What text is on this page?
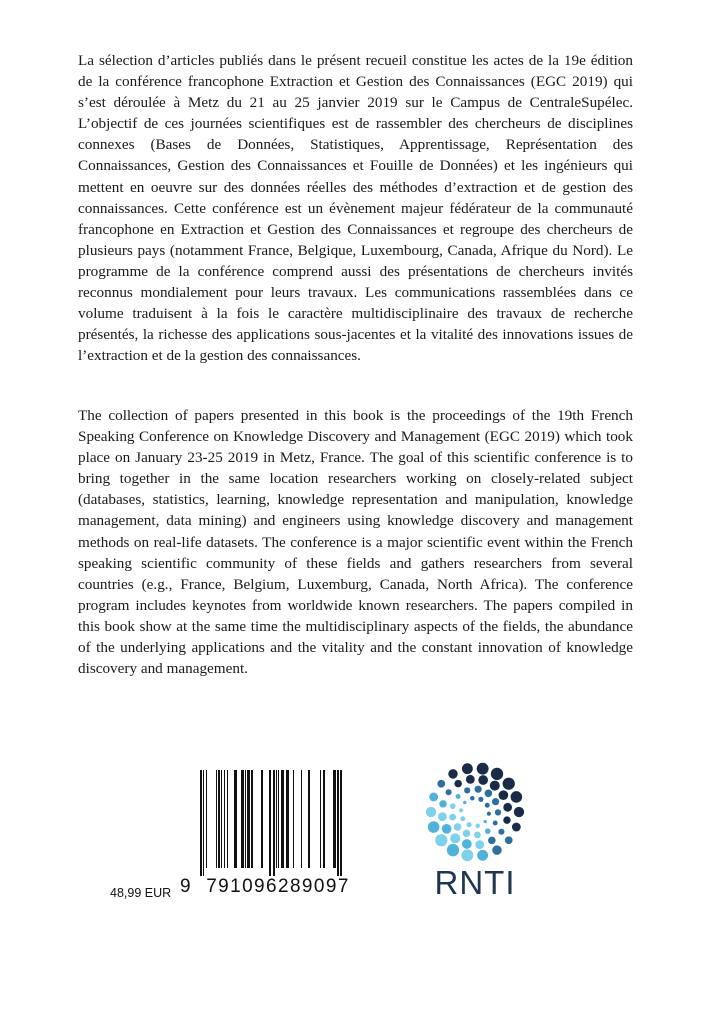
La sélection d’articles publiés dans le présent recueil constitue les actes de la 19e édition de la conférence francophone Extraction et Gestion des Connaissances (EGC 2019) qui s’est déroulée à Metz du 21 au 25 janvier 2019 sur le Campus de CentraleSupélec. L’objectif de ces journées scientifiques est de rassembler des chercheurs de disciplines connexes (Bases de Données, Statistiques, Apprentissage, Représentation des Connaissances, Gestion des Connaissances et Fouille de Données) et les ingénieurs qui mettent en oeuvre sur des données réelles des méthodes d’extraction et de gestion des connaissances. Cette conférence est un évènement majeur fédérateur de la communauté francophone en Extraction et Gestion des Connaissances et regroupe des chercheurs de plusieurs pays (notamment France, Belgique, Luxembourg, Canada, Afrique du Nord). Le programme de la conférence comprend aussi des présentations de chercheurs invités reconnus mondialement pour leurs travaux. Les communications rassemblées dans ce volume traduisent à la fois le caractère multidisciplinaire des travaux de recherche présentés, la richesse des applications sous-jacentes et la vitalité des innovations issues de l’extraction et de la gestion des connaissances.

The collection of papers presented in this book is the proceedings of the 19th French Speaking Conference on Knowledge Discovery and Management (EGC 2019) which took place on January 23-25 2019 in Metz, France. The goal of this scientific conference is to bring together in the same location researchers working on closely-related subject (databases, statistics, learning, knowledge representation and manipulation, knowledge management, data mining) and engineers using knowledge discovery and management methods on real-life datasets. The conference is a major scientific event within the French speaking scientific community of these fields and gathers researchers from several countries (e.g., France, Belgium, Luxemburg, Canada, North Africa). The conference program includes keynotes from worldwide known researchers. The papers compiled in this book show at the same time the multidisciplinary aspects of the fields, the abundance of the underlying applications and the vitality and the constant innovation of knowledge discovery and management.

48,99 EUR 9 791096289097	RNTI
